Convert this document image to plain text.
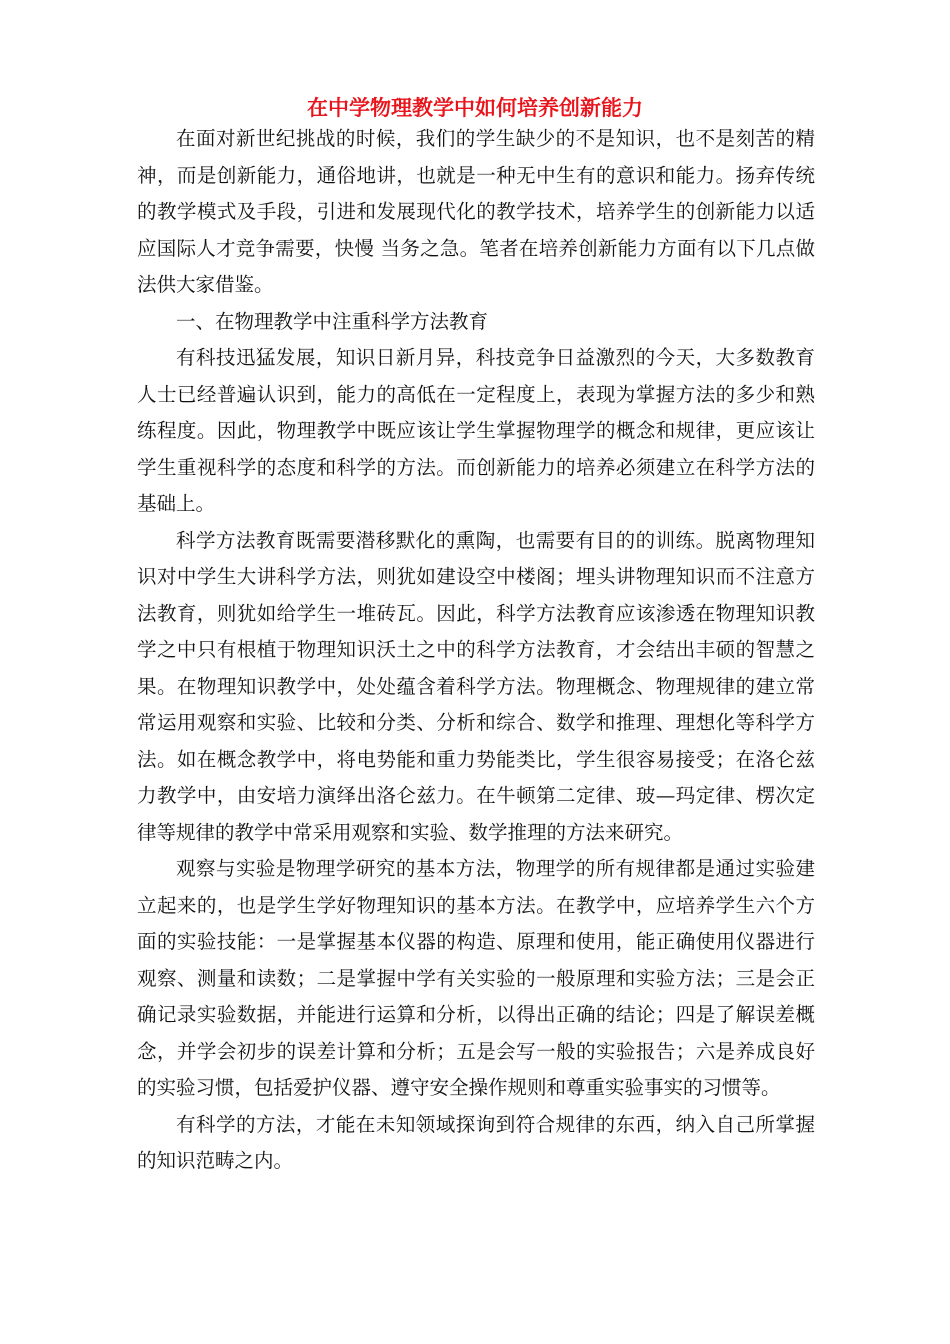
在中学物理教学中如何培养创新能力

在面对新世纪挑战的时候，我们的学生缺少的不是知识，也不是刻苦的精神，而是创新能力，通俗地讲，也就是一种无中生有的意识和能力。扬弃传统的教学模式及手段，引进和发展现代化的教学技术，培养学生的创新能力以适应国际人才竞争需要，快慢 当务之急。笔者在培养创新能力方面有以下几点做法供大家借鉴。

一、在物理教学中注重科学方法教育

有科技迅猛发展，知识日新月异，科技竞争日益激烈的今天，大多数教育人士已经普遍认识到，能力的高低在一定程度上，表现为掌握方法的多少和熟练程度。因此，物理教学中既应该让学生掌握物理学的概念和规律，更应该让学生重视科学的态度和科学的方法。而创新能力的培养必须建立在科学方法的基础上。

科学方法教育既需要潜移默化的熏陶，也需要有目的的训练。脱离物理知识对中学生大讲科学方法，则犹如建设空中楼阁；埋头讲物理知识而不注意方法教育，则犹如给学生一堆砖瓦。因此，科学方法教育应该渗透在物理知识教学之中只有根植于物理知识沃土之中的科学方法教育，才会结出丰硕的智慧之果。在物理知识教学中，处处蕴含着科学方法。物理概念、物理规律的建立常常运用观察和实验、比较和分类、分析和综合、数学和推理、理想化等科学方法。如在概念教学中，将电势能和重力势能类比，学生很容易接受；在洛仑兹力教学中，由安培力演绎出洛仑兹力。在牛顿第二定律、玻—玛定律、楞次定律等规律的教学中常采用观察和实验、数学推理的方法来研究。

观察与实验是物理学研究的基本方法，物理学的所有规律都是通过实验建立起来的，也是学生学好物理知识的基本方法。在教学中，应培养学生六个方面的实验技能：一是掌握基本仪器的构造、原理和使用，能正确使用仪器进行观察、测量和读数；二是掌握中学有关实验的一般原理和实验方法；三是会正确记录实验数据，并能进行运算和分析，以得出正确的结论；四是了解误差概念，并学会初步的误差计算和分析；五是会写一般的实验报告；六是养成良好的实验习惯，包括爱护仪器、遵守安全操作规则和尊重实验事实的习惯等。

有科学的方法，才能在未知领域探询到符合规律的东西，纳入自己所掌握的知识范畴之内。
